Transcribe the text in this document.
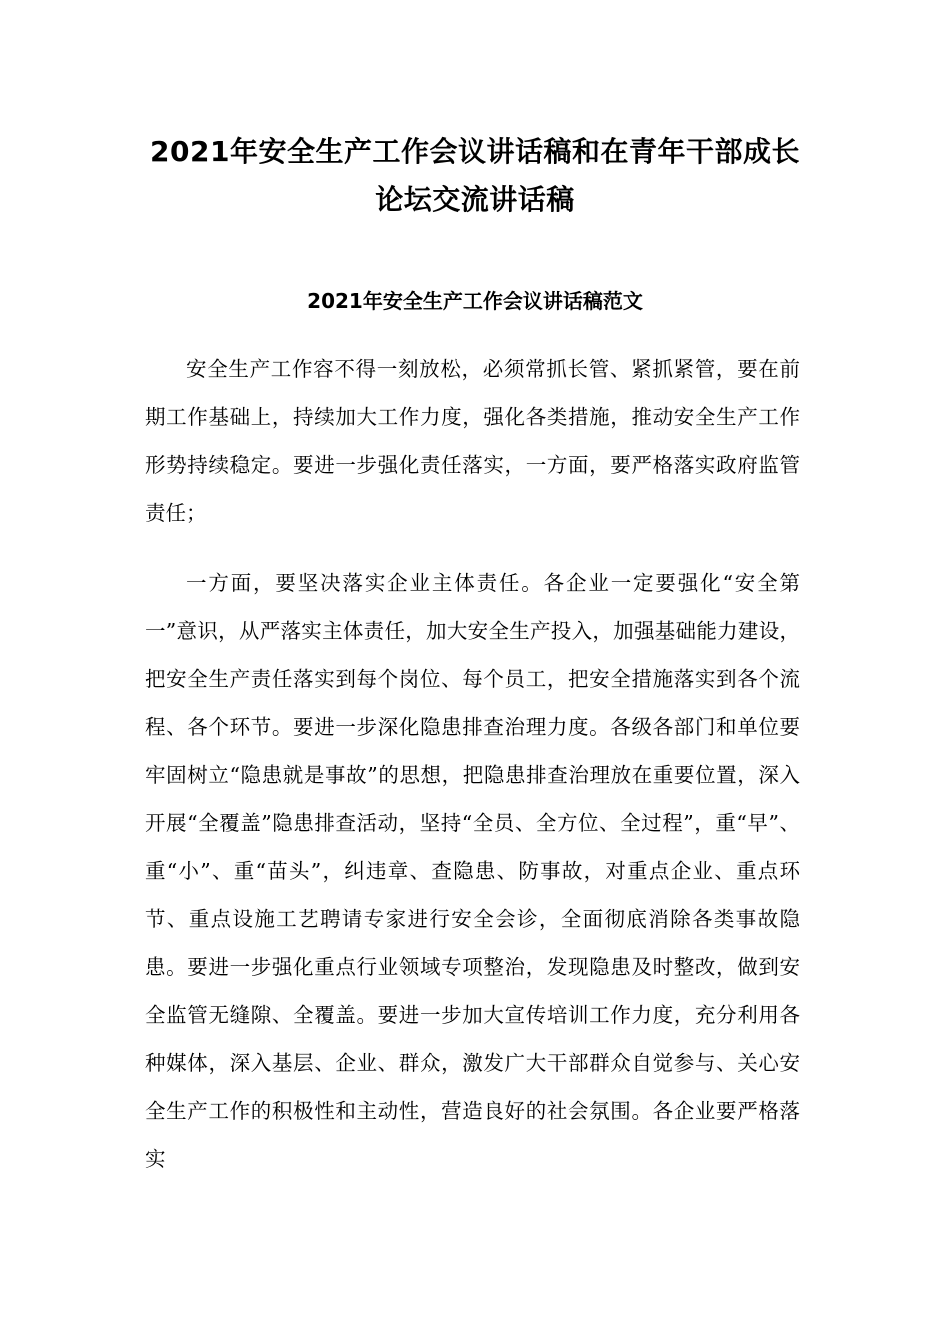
2021年安全生产工作会议讲话稿和在青年干部成长论坛交流讲话稿
2021年安全生产工作会议讲话稿范文

安全生产工作容不得一刻放松，必须常抓长管、紧抓紧管，要在前期工作基础上，持续加大工作力度，强化各类措施，推动安全生产工作形势持续稳定。要进一步强化责任落实，一方面，要严格落实政府监管责任；

一方面，要坚决落实企业主体责任。各企业一定要强化“安全第一”意识，从严落实主体责任，加大安全生产投入，加强基础能力建设，把安全生产责任落实到每个岗位、每个员工，把安全措施落实到各个流程、各个环节。要进一步深化隐患排查治理力度。各级各部门和单位要牢固树立“隐患就是事故”的思想，把隐患排查治理放在重要位置，深入开展“全覆盖”隐患排查活动，坚持“全员、全方位、全过程”，重“早”、重“小”、重“苗头”，纠违章、查隐患、防事故，对重点企业、重点环节、重点设施工艺聘请专家进行安全会诊，全面彻底消除各类事故隐患。要进一步强化重点行业领域专项整治，发现隐患及时整改，做到安全监管无缝隙、全覆盖。要进一步加大宣传培训工作力度，充分利用各种媒体，深入基层、企业、群众，激发广大干部群众自觉参与、关心安全生产工作的积极性和主动性，营造良好的社会氛围。各企业要严格落实
